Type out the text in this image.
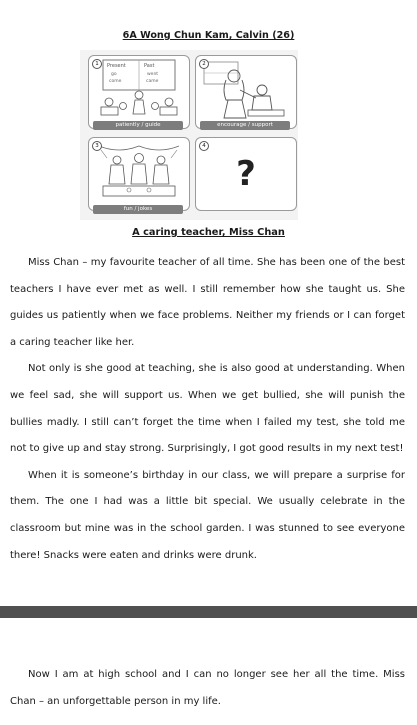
6A Wong Chun Kam, Calvin (26)
Present	Past
go	went
come	came
1
patiently / guide
2
encourage / support
3
fun / jokes
?
4
A caring teacher, Miss Chan

Miss Chan – my favourite teacher of all time. She has been one of the best teachers I have ever met as well. I still remember how she taught us. She guides us patiently when we face problems. Neither my friends or I can forget a caring teacher like her.

Not only is she good at teaching, she is also good at understanding. When we feel sad, she will support us. When we get bullied, she will punish the bullies madly. I still can’t forget the time when I failed my test, she told me not to give up and stay strong. Surprisingly, I got good results in my next test!

When it is someone’s birthday in our class, we will prepare a surprise for them. The one I had was a little bit special. We usually celebrate in the classroom but mine was in the school garden. I was stunned to see everyone there! Snacks were eaten and drinks were drunk.

Now I am at high school and I can no longer see her all the time. Miss Chan – an unforgettable person in my life.
